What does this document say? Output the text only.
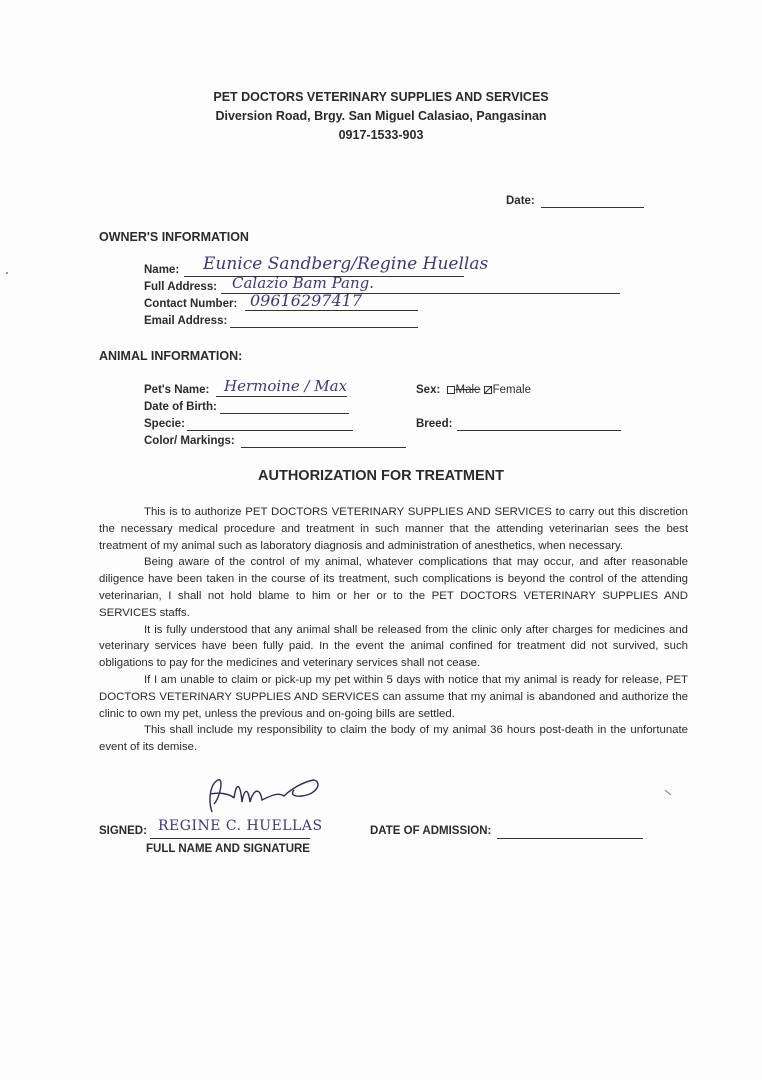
PET DOCTORS VETERINARY SUPPLIES AND SERVICES
Diversion Road, Brgy. San Miguel Calasiao, Pangasinan
0917-1533-903
Date:
OWNER'S INFORMATION
Name: Eunice Sandberg/Regine Huellas
Full Address: Calazio Bam Pang.
Contact Number: 09616297417
Email Address:
ANIMAL INFORMATION:
Pet's Name: Hermoine / Max
Date of Birth:
Specie:
Color/ Markings:
Sex: Male Female
Breed:
AUTHORIZATION FOR TREATMENT

This is to authorize PET DOCTORS VETERINARY SUPPLIES AND SERVICES to carry out this discretion the necessary medical procedure and treatment in such manner that the attending veterinarian sees the best treatment of my animal such as laboratory diagnosis and administration of anesthetics, when necessary.

Being aware of the control of my animal, whatever complications that may occur, and after reasonable diligence have been taken in the course of its treatment, such complications is beyond the control of the attending veterinarian, I shall not hold blame to him or her or to the PET DOCTORS VETERINARY SUPPLIES AND SERVICES staffs.

It is fully understood that any animal shall be released from the clinic only after charges for medicines and veterinary services have been fully paid. In the event the animal confined for treatment did not survived, such obligations to pay for the medicines and veterinary services shall not cease.

If I am unable to claim or pick-up my pet within 5 days with notice that my animal is ready for release, PET DOCTORS VETERINARY SUPPLIES AND SERVICES can assume that my animal is abandoned and authorize the clinic to own my pet, unless the previous and on-going bills are settled.

This shall include my responsibility to claim the body of my animal 36 hours post-death in the unfortunate event of its demise.

SIGNED: REGINE C. HUELLAS
FULL NAME AND SIGNATURE
DATE OF ADMISSION:
